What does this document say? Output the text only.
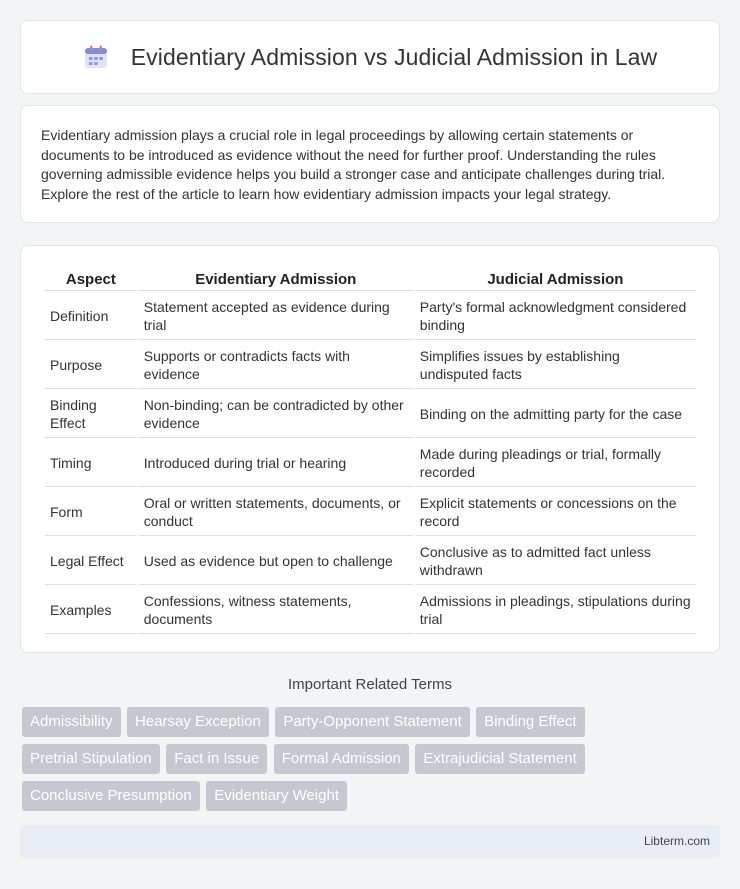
Evidentiary Admission vs Judicial Admission in Law

Evidentiary admission plays a crucial role in legal proceedings by allowing certain statements or documents to be introduced as evidence without the need for further proof. Understanding the rules governing admissible evidence helps you build a stronger case and anticipate challenges during trial. Explore the rest of the article to learn how evidentiary admission impacts your legal strategy.

Aspect	Evidentiary Admission	Judicial Admission
Definition	Statement accepted as evidence during trial	Party's formal acknowledgment considered binding
Purpose	Supports or contradicts facts with evidence	Simplifies issues by establishing undisputed facts
Binding Effect	Non-binding; can be contradicted by other evidence	Binding on the admitting party for the case
Timing	Introduced during trial or hearing	Made during pleadings or trial, formally recorded
Form	Oral or written statements, documents, or conduct	Explicit statements or concessions on the record
Legal Effect	Used as evidence but open to challenge	Conclusive as to admitted fact unless withdrawn
Examples	Confessions, witness statements, documents	Admissions in pleadings, stipulations during trial
Important Related Terms
Admissibility Hearsay Exception Party-Opponent Statement Binding Effect Pretrial Stipulation Fact in Issue Formal Admission Extrajudicial Statement Conclusive Presumption Evidentiary Weight
Libterm.com
